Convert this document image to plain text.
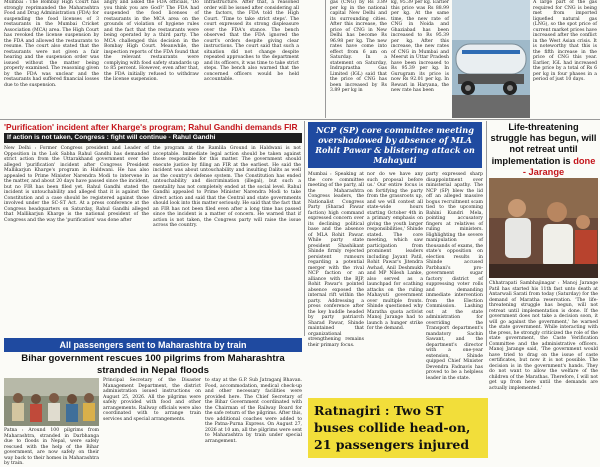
Mumbai : The Bombay High Court has strongly reprimanded the Maharashtra Food and Drug Administration (FDA) for suspending the food licenses of 3 restaurants in the Mumbai Cricket Association (MCA) area. The High Court has revoked the license suspension by the FDA and allowed the restaurants to resume. The court also stated that the restaurants were not given a fair hearing and the suspension order was issued without the matter being properly examined. The reasoning given by the FDA was unclear and the restaurants had suffered financial losses due to the suspension.

angry and asked the FDA officials, 'Do you think you are God?' The FDA had suspended the food licenses of restaurants in the MCA area on the grounds of violation of hygiene rules and the fact that the restaurants were being operated by a third party. The MCA challenged this decision in the Bombay High Court. Meanwhile, the inspection reports of the FDA found that the relevant restaurants were complying with food safety standards up to 85 percent. However, even after that, the FDA initially refused to withdraw the license suspension.

Infrastructure. After that, a reasoned order will be issued after considering all the factors, the FDA told the High Court. 'Time to take strict steps'. The court expressed its strong displeasure over the FDA's stance. The bench observed that the FDA ignored the court's orders despite giving clear instructions. The court said that such a situation did not change despite repeated approaches to the department and its officers, it was time to take strict steps. The bench also warned that the concerned officers would be held accountable.

gas (CNG) by Rs 3.89 per kg in the national capital New Delhi and its surrounding cities. After this increase, the price of CNG in New Delhi has become Rs 96.98 per kg. The new rates have come into effect from 6 am on Saturday. In a statement on Saturday, Indraprastha Gas Limited (IGL) said that the price of CNG has been increased by Rs 3.89 per kg in

kg, 95.39 per kg. Earlier this price was Rs 88.99 per kg. At the same time, the new rate of CNG in Noida and Ghaziabad has been increased to Rs 95.39 per kg. After this increase, the new rates of CNG in Mumbai and Meerut in Uttar Pradesh have been increased to Rs 95.39 per kg. In Gurugram its price is now Rs 92.01 per kg. In Rewari in Haryana, the new rate has been

A large part of the gas required for CNG is being met from imported liquefied natural gas (LNG), so the spot price of current market prices have increased after the conflict in the West Asian crisis. It is noteworthy that this is the fifth increase in the price of CNG this year. Earlier, IGL had increased the price by a total of Rs 6 per kg in four phases in a period of just 10 days.

'Purification' incident after Kharge's program; Rahul Gandhi demands FIR
If action is not taken, Congress : fight will continue - Rahul Gandhi

New Delhi : Former Congress president and Leader of Opposition in the Lok Sabha Rahul Gandhi has demanded strict action from the Uttarakhand government over the alleged 'purification' incident after Congress President Mallikarjun Kharge's program in Haldwani. He has also appealed to Prime Minister Narendra Modi to intervene in the matter, and about 20 days have passed since the incident, but no FIR has been filed yet. Rahul Gandhi stated the incident is untouchability and alleged that it is against the Constitution and a case should be registered against those involved under the SC-ST Act. At a press conference at the Congress headquarters on Saturday, Rahul Gandhi alleged that Mallikarjun Kharge is the national president of the Congress and the way the 'purification' was done after

the program at the Ramlila Ground in Haldwani is not acceptable. Immediate legal action should be taken against those responsible for this matter. The government should execute justice by filing an FIR at the earliest. He said the incident was about untouchability and insulting Dalits as well as the country's defense system. The Constitution has ended untouchability and discrimination (illegal), but such a mentality has not completely ended at the social level. Rahul Gandhi appealed to Prime Minister Narendra Modi to take direct action and said that the Central and state governments should look into this matter seriously. He said that the fact that an FIR has not been filed even after a long time has passed since the incident is a matter of concern. He warned that if action is not taken, the Congress party will raise the issue across the country.

NCP (SP) core committee meeting overshadowed by absence of MLA Rohit Pawar & blistering attack on Mahayuti

Mumbai : Speaking at the core committee meeting of the party, all the Maharashtra Congress leaders, the Nationalist Congress Party (Sharad Pawar faction) high command expressed concern over its declining political base and the absence of MLA Rohit Pawar. While party state president Shashikant Shinde firmly rejected persistent rumours regarding a potential merger with the rival NCP faction or an alliance with the BJP, Rohit Pawar's pointed absence exposed the internal rift within the party. Addressing a press conference after the key huddle headed by party patriarch Sharad Pawar, Shinde maintained that organizational strengthening remains their primary focus.

nor do we have any such proposal before us.' Our entire focus is on fortifying the party from the grassroots up, and we will contest all state-wide hours starting October 4th in a primary emphasis on giving the youth larger responsibilities,' Shinde stated. The core meeting, which saw participation from prominent leaders including Jayant Patil, Rohit Pawar's Jitendra Awhad, Anil Deshmukh and MP Nilesh Lanke, also served as a launchpad for scathing attacks on the ruling Mahayuti government over multiple fronts. Shinde questioned why Maratha quota activist Manoj Jarange had to launch a hunger strike for the demand.

party expressed sharp disappointment over ministerial apathy. The NCP (SP) blew the lid off an alleged massive bogus recruitment scam tied to the upcoming Bahini Kundri Mela, pointing accusatory fingers at relatives of ruling ministers. Highlighting the severe manipulation of thousands of exams, the state's opposition on election results in Shinde accused Parbhani's pro-government sugar factory district of suppressing voter rolls and demanding immediate intervention from the Election Commission. Lashing out at the state administration for overriding the Transport department's mandatory Sachin Sawant, and the department's director with a one-year extension, Shinde quipped Chief Minister Devendra Fadnavis has proved to be a helpless leader in the state.

Life-threatening struggle has begun, will not retreat until implementation is done - Jarange

Chhatrapati Sambhajinagar : Manoj Jarange Patil has started his 11th fast unto death at Antarwali Sarati from today (Saturday) for the demand of Maratha reservation. 'The life-threatening struggle has begun, will not retreat until implementation is done. If the government does not take a decision soon, it will go against the government,' he warned the state government. While interacting with the press, he strongly criticized the role of the state government, the Caste Verification Committee and the administrative officers. Manoj Jarange said, 'The government would have tried to drag on the issue of caste certificates, but now it is not possible. The decision is in the government's hands. They do not want to allow the welfare of the children of the Marathas. Therefore, I will not get up from here until the demands are actually implemented.'

All passengers sent to Maharashtra by train
Bihar government rescues 100 pilgrims from Maharashtra stranded in Nepal floods

Patna : Around 100 pilgrims from Maharashtra, stranded in Darbhanga due to floods in Nepal, were safely rescued with the help of the Bihar government, are now safely on their way back to their homes in Maharashtra by train.

Principal Secretary of the Disaster Management Department, the district administration issued instructions on August 25, 2026. All the pilgrims were safely provided with food and other arrangements. Railway officials were also coordinated with to arrange train services and special arrangements.

to stay at the G.P. Sub Jatraganj Bhavan. Food, accommodation, medical check-up and other necessary facilities were provided here. The Chief Secretary of the Bihar Government coordinated with the Chairman of the Railway Board for the safe return of the pilgrims. After this, two additional coaches were added to the Patna-Purna Express. On August 27, 2026 at 10 am, all the pilgrims were sent to Maharashtra by train under special arrangement.

Ratnagiri : Two ST buses collide head-on, 21 passengers injured
